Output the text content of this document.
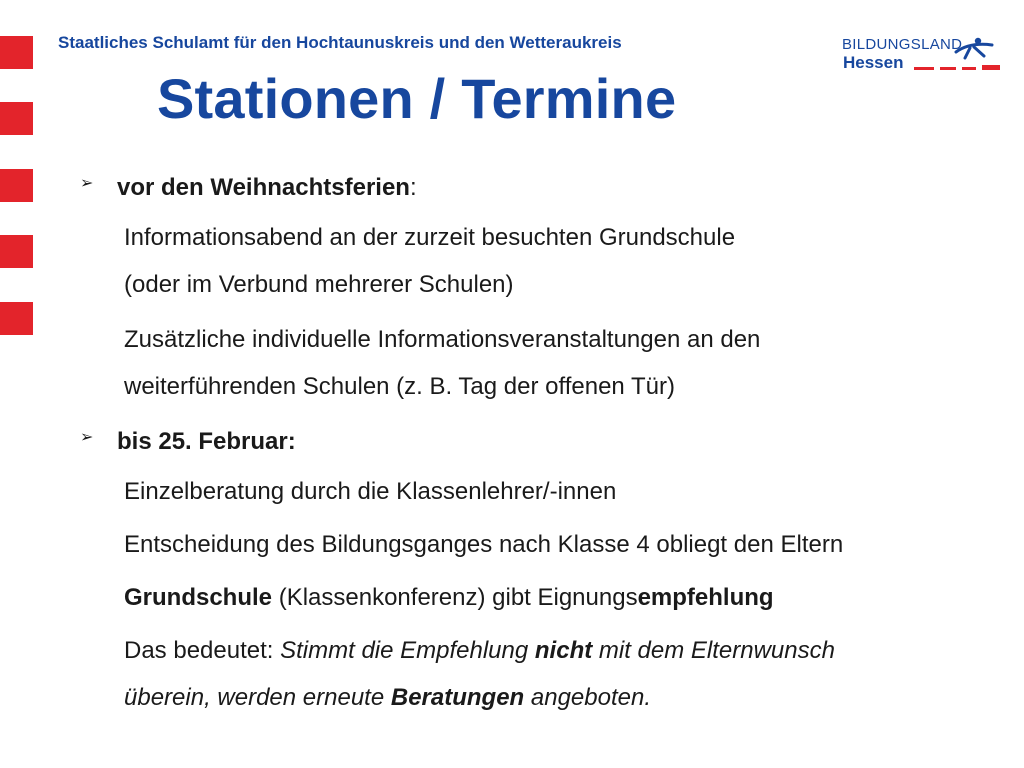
Staatliches Schulamt für den Hochtaunuskreis und den Wetteraukreis
Stationen / Termine
BILDUNGSLAND
Hessen
➢ vor den Weihnachtsferien:
Informationsabend an der zurzeit besuchten Grundschule
(oder im Verbund mehrerer Schulen)
Zusätzliche individuelle Informationsveranstaltungen an den
weiterführenden Schulen (z. B. Tag der offenen Tür)
➢ bis 25. Februar:
Einzelberatung durch die Klassenlehrer/-innen
Entscheidung des Bildungsganges nach Klasse 4 obliegt den Eltern
Grundschule (Klassenkonferenz) gibt Eignungsempfehlung
Das bedeutet: Stimmt die Empfehlung nicht mit dem Elternwunsch
überein, werden erneute Beratungen angeboten.
